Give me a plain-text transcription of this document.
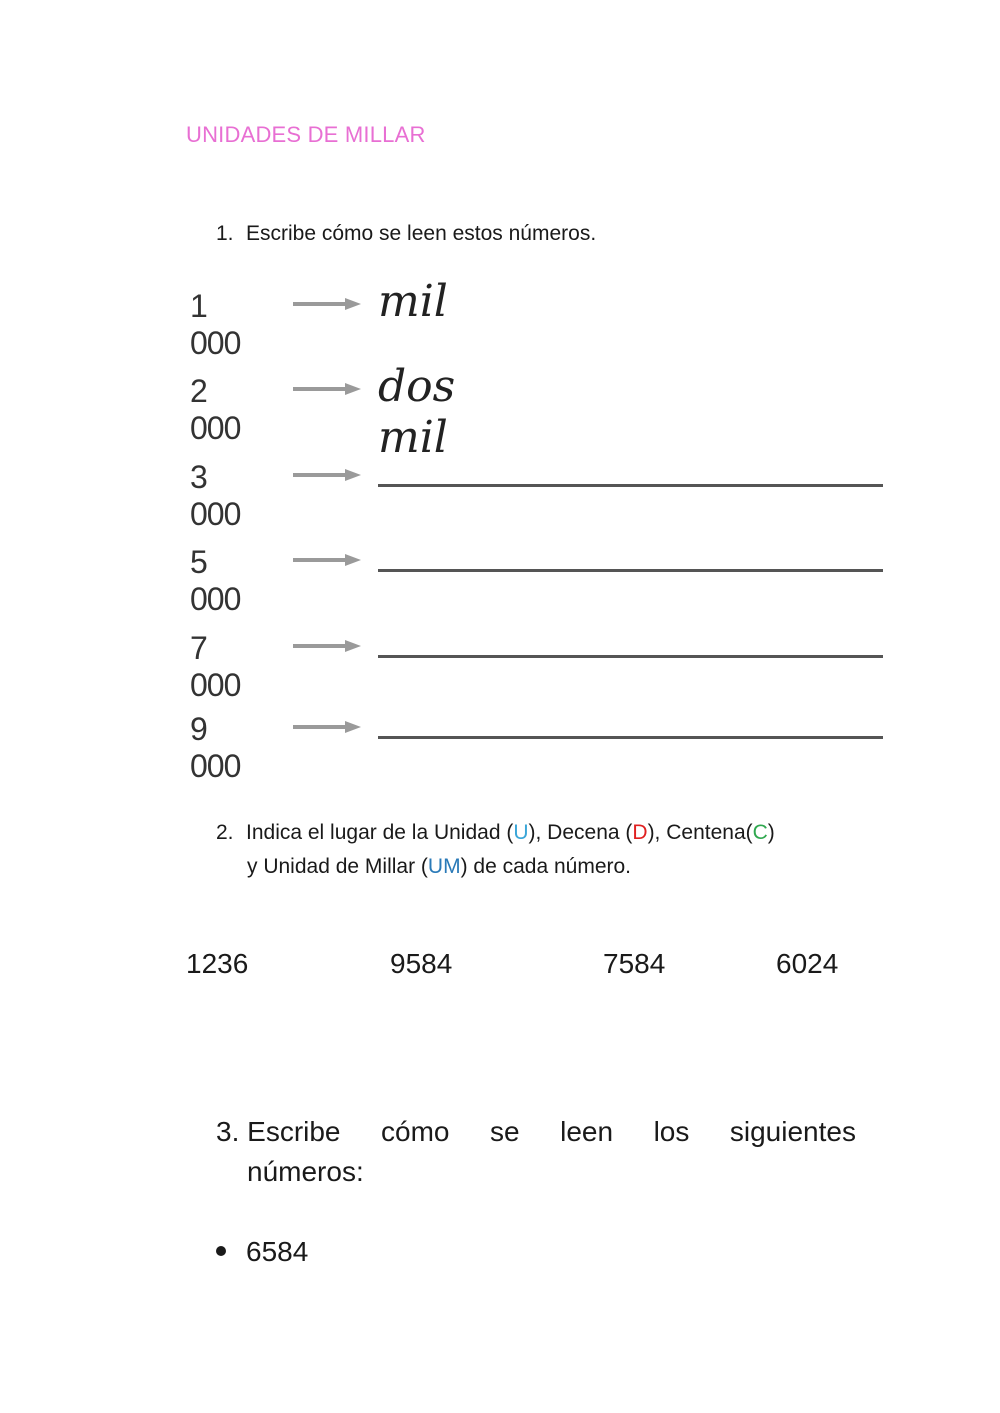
UNIDADES DE MILLAR
1. Escribe cómo se leen estos números.
1 000
mil
2 000
dos mil
3 000
5 000
7 000
9 000
2. Indica el lugar de la Unidad (U), Decena (D), Centena(C)
y Unidad de Millar (UM) de cada número.
1236	9584	7584	6024
3. Escribe cómo se leen los siguientes
números:
6584
